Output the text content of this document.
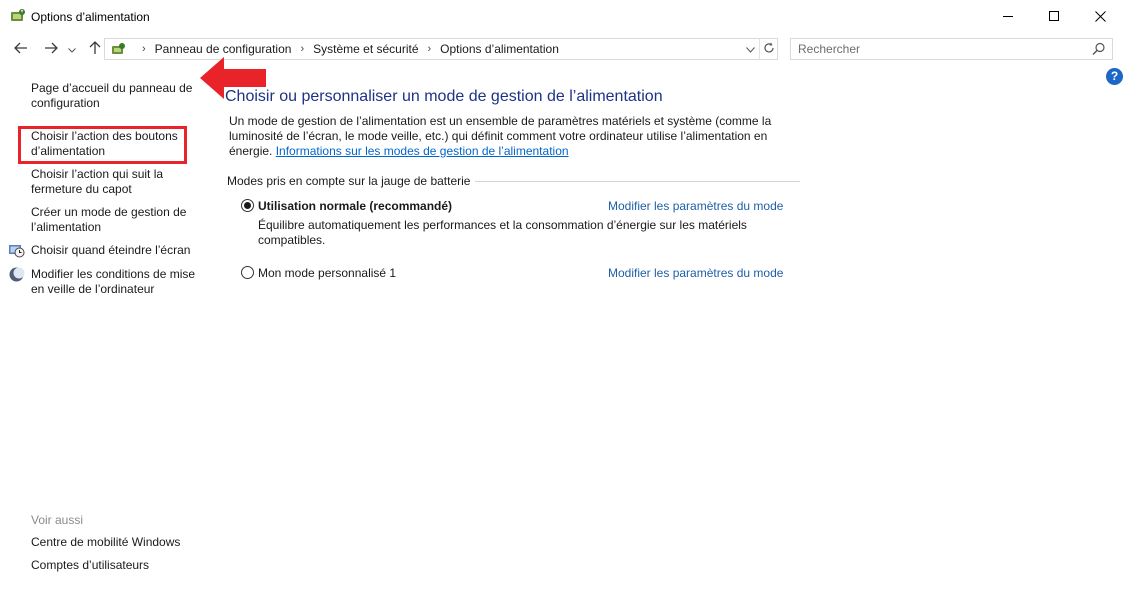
Options d’alimentation
› Panneau de configuration › Système et sécurité › Options d’alimentation
Rechercher
?
Page d’accueil du panneau de configuration
Choisir l’action des boutons d’alimentation
Choisir l’action qui suit la fermeture du capot
Créer un mode de gestion de l’alimentation
Choisir quand éteindre l’écran
Modifier les conditions de mise en veille de l’ordinateur
Voir aussi
Centre de mobilité Windows
Comptes d’utilisateurs
Choisir ou personnaliser un mode de gestion de l’alimentation
Un mode de gestion de l’alimentation est un ensemble de paramètres matériels et système (comme la luminosité de l’écran, le mode veille, etc.) qui définit comment votre ordinateur utilise l’alimentation en énergie. Informations sur les modes de gestion de l’alimentation
Modes pris en compte sur la jauge de batterie
Utilisation normale (recommandé)	Modifier les paramètres du mode
Équilibre automatiquement les performances et la consommation d’énergie sur les matériels compatibles.
Mon mode personnalisé 1	Modifier les paramètres du mode
